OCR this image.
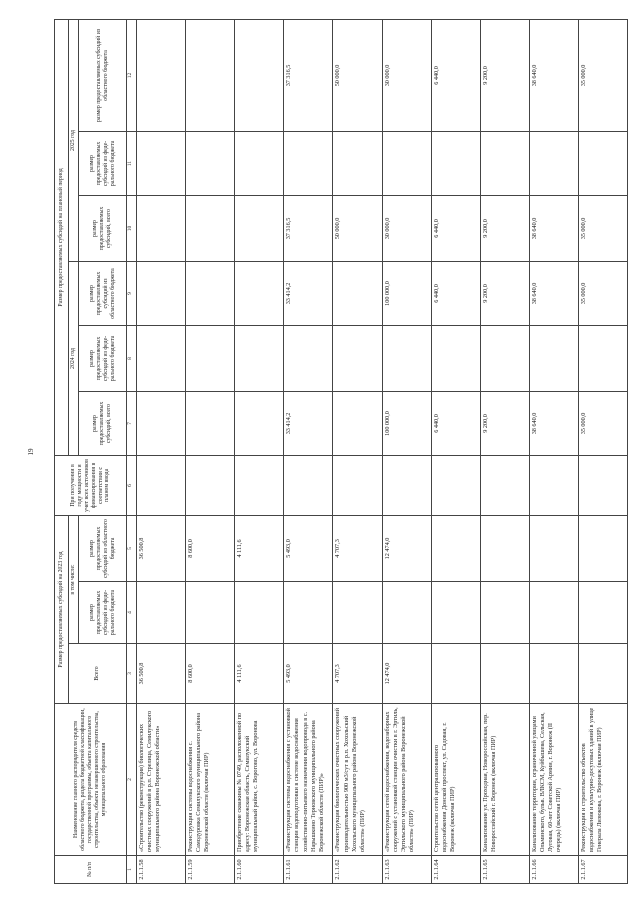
19
№ п/п	Наименование главного распорядителя средств областного бюджета, раздела бюджетной классификации, государственной программы, объекта капитального строительства, объекта незавершенного строительства, муниципального образования	Размер предоставляемых субсидий на 2023 год			При получении в году мощности и учет всех источников финансирования в соответствии с планом ввода	Размер предоставляемых субсидий на плановый период					
		Всего	в том числе:			2024 год			2025 год		
			размер предоставляемых субсидий из феде-рального бюджета	размер предоставляемых субсидий из областного бюджета		размер предоставляемых субсидий, всего	размер предоставляемых субсидий из феде-рального бюджета	размер предоставляемых субсидий из областного бюджета	размер предоставляемых субсидий, всего	размер предоставляемых субсидий из феде-рального бюджета	размер предоставляемых субсидий из областного бюджета

1	2	3	4	5	6	7	8	9	10	11	12
2.1.1.58	«Строительство (реконструкция) биологических очистных сооружений в р.п. Стрелица, Семилукского муниципального района Воронежской области»	36 500,8		36 500,8							
2.1.1.59	Реконструкция системы водоснабжения с. Самодуровка Семилукского муниципального района Воронежской области (включая ПИР)	8 600,0		8 600,0							
2.1.1.60	Приобретение скважины № 0749, расположенной по адресу: Воронежская область, Семилукский муниципальный район, с. Ворогово, ул. Воронова	4 111,6		4 111,6							
2.1.1.61	«Реконструкция системы водоснабжения с установкой станции водоподготовки в системе водоснабжения хозяйственно-питьевого назначения водопровода в с. Нарышкино Терновского муниципального района Воронежской области (ПИР)»	5 493,0		5 493,0		33 414,2		33 414,2	37 316,5		37 316,5
2.1.1.62	«Реконструкция биологических очистных сооружений производительностью 900 м3/сут в р.п. Хохольский Хохольского муниципального района Воронежской области» (ПИР)	4 707,3		4 707,3					50 000,0		50 000,0
2.1.1.63	«Реконструкция сетей водоснабжения, водозаборных сооружений с установкой станции очистки в г. Эртиль, Эртильского муниципального района Воронежской области» (ПИР)	12 474,0		12 474,0		100 000,0		100 000,0	30 000,0		30 000,0
2.1.1.64	Строительство сетей централизованного водоснабжения Донской проспект, ул. Садовая, г. Воронеж (включая ПИР)					6 440,0		6 440,0	6 440,0		6 440,0
2.1.1.65	Канализование ул. Проходная, Новороссийская, пер. Новороссийский г. Воронеж (включая ПИР)					9 200,0		9 200,0	9 200,0		9 200,0
2.1.1.66	Канализование территории, ограниченной улицами Ольминского, бульв. ВЛКСМ, Куйбышева, Сельская, Луговая, 60-лет Советской Армии, г. Воронеж (II очередь) (включая ПИР)					38 640,0		38 640,0	38 640,0		38 640,0
2.1.1.67	Реконструкция и строительство объектов водоснабжения и культурно-досуговых зданий в улице Генерала Лизюкова, г. Воронеж (включая ПИР)					35 000,0		35 000,0	35 000,0		35 000,0
